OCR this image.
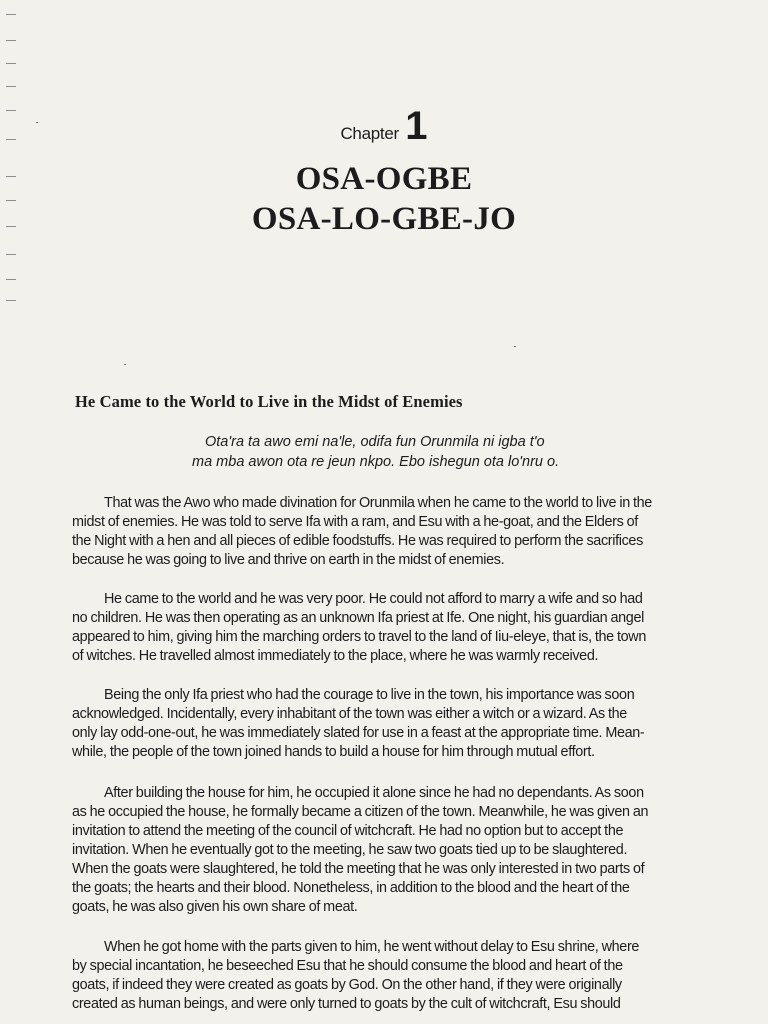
Chapter 1
OSA-OGBE
OSA-LO-GBE-JO
He Came to the World to Live in the Midst of Enemies
Ota'ra ta awo emi na'le, odifa fun Orunmila ni igba t'o
ma mba awon ota re jeun nkpo. Ebo ishegun ota lo'nru o.
That was the Awo who made divination for Orunmila when he came to the world to live in the
midst of enemies. He was told to serve Ifa with a ram, and Esu with a he-goat, and the Elders of
the Night with a hen and all pieces of edible foodstuffs. He was required to perform the sacrifices
because he was going to live and thrive on earth in the midst of enemies.
He came to the world and he was very poor. He could not afford to marry a wife and so had
no children. He was then operating as an unknown Ifa priest at Ife. One night, his guardian angel
appeared to him, giving him the marching orders to travel to the land of Iiu-eleye, that is, the town
of witches. He travelled almost immediately to the place, where he was warmly received.
Being the only Ifa priest who had the courage to live in the town, his importance was soon
acknowledged. Incidentally, every inhabitant of the town was either a witch or a wizard. As the
only lay odd-one-out, he was immediately slated for use in a feast at the appropriate time. Mean-
while, the people of the town joined hands to build a house for him through mutual effort.
After building the house for him, he occupied it alone since he had no dependants. As soon
as he occupied the house, he formally became a citizen of the town. Meanwhile, he was given an
invitation to attend the meeting of the council of witchcraft. He had no option but to accept the
invitation. When he eventually got to the meeting, he saw two goats tied up to be slaughtered.
When the goats were slaughtered, he told the meeting that he was only interested in two parts of
the goats; the hearts and their blood. Nonetheless, in addition to the blood and the heart of the
goats, he was also given his own share of meat.
When he got home with the parts given to him, he went without delay to Esu shrine, where
by special incantation, he beseeched Esu that he should consume the blood and heart of the
goats, if indeed they were created as goats by God. On the other hand, if they were originally
created as human beings, and were only turned to goats by the cult of witchcraft, Esu should
